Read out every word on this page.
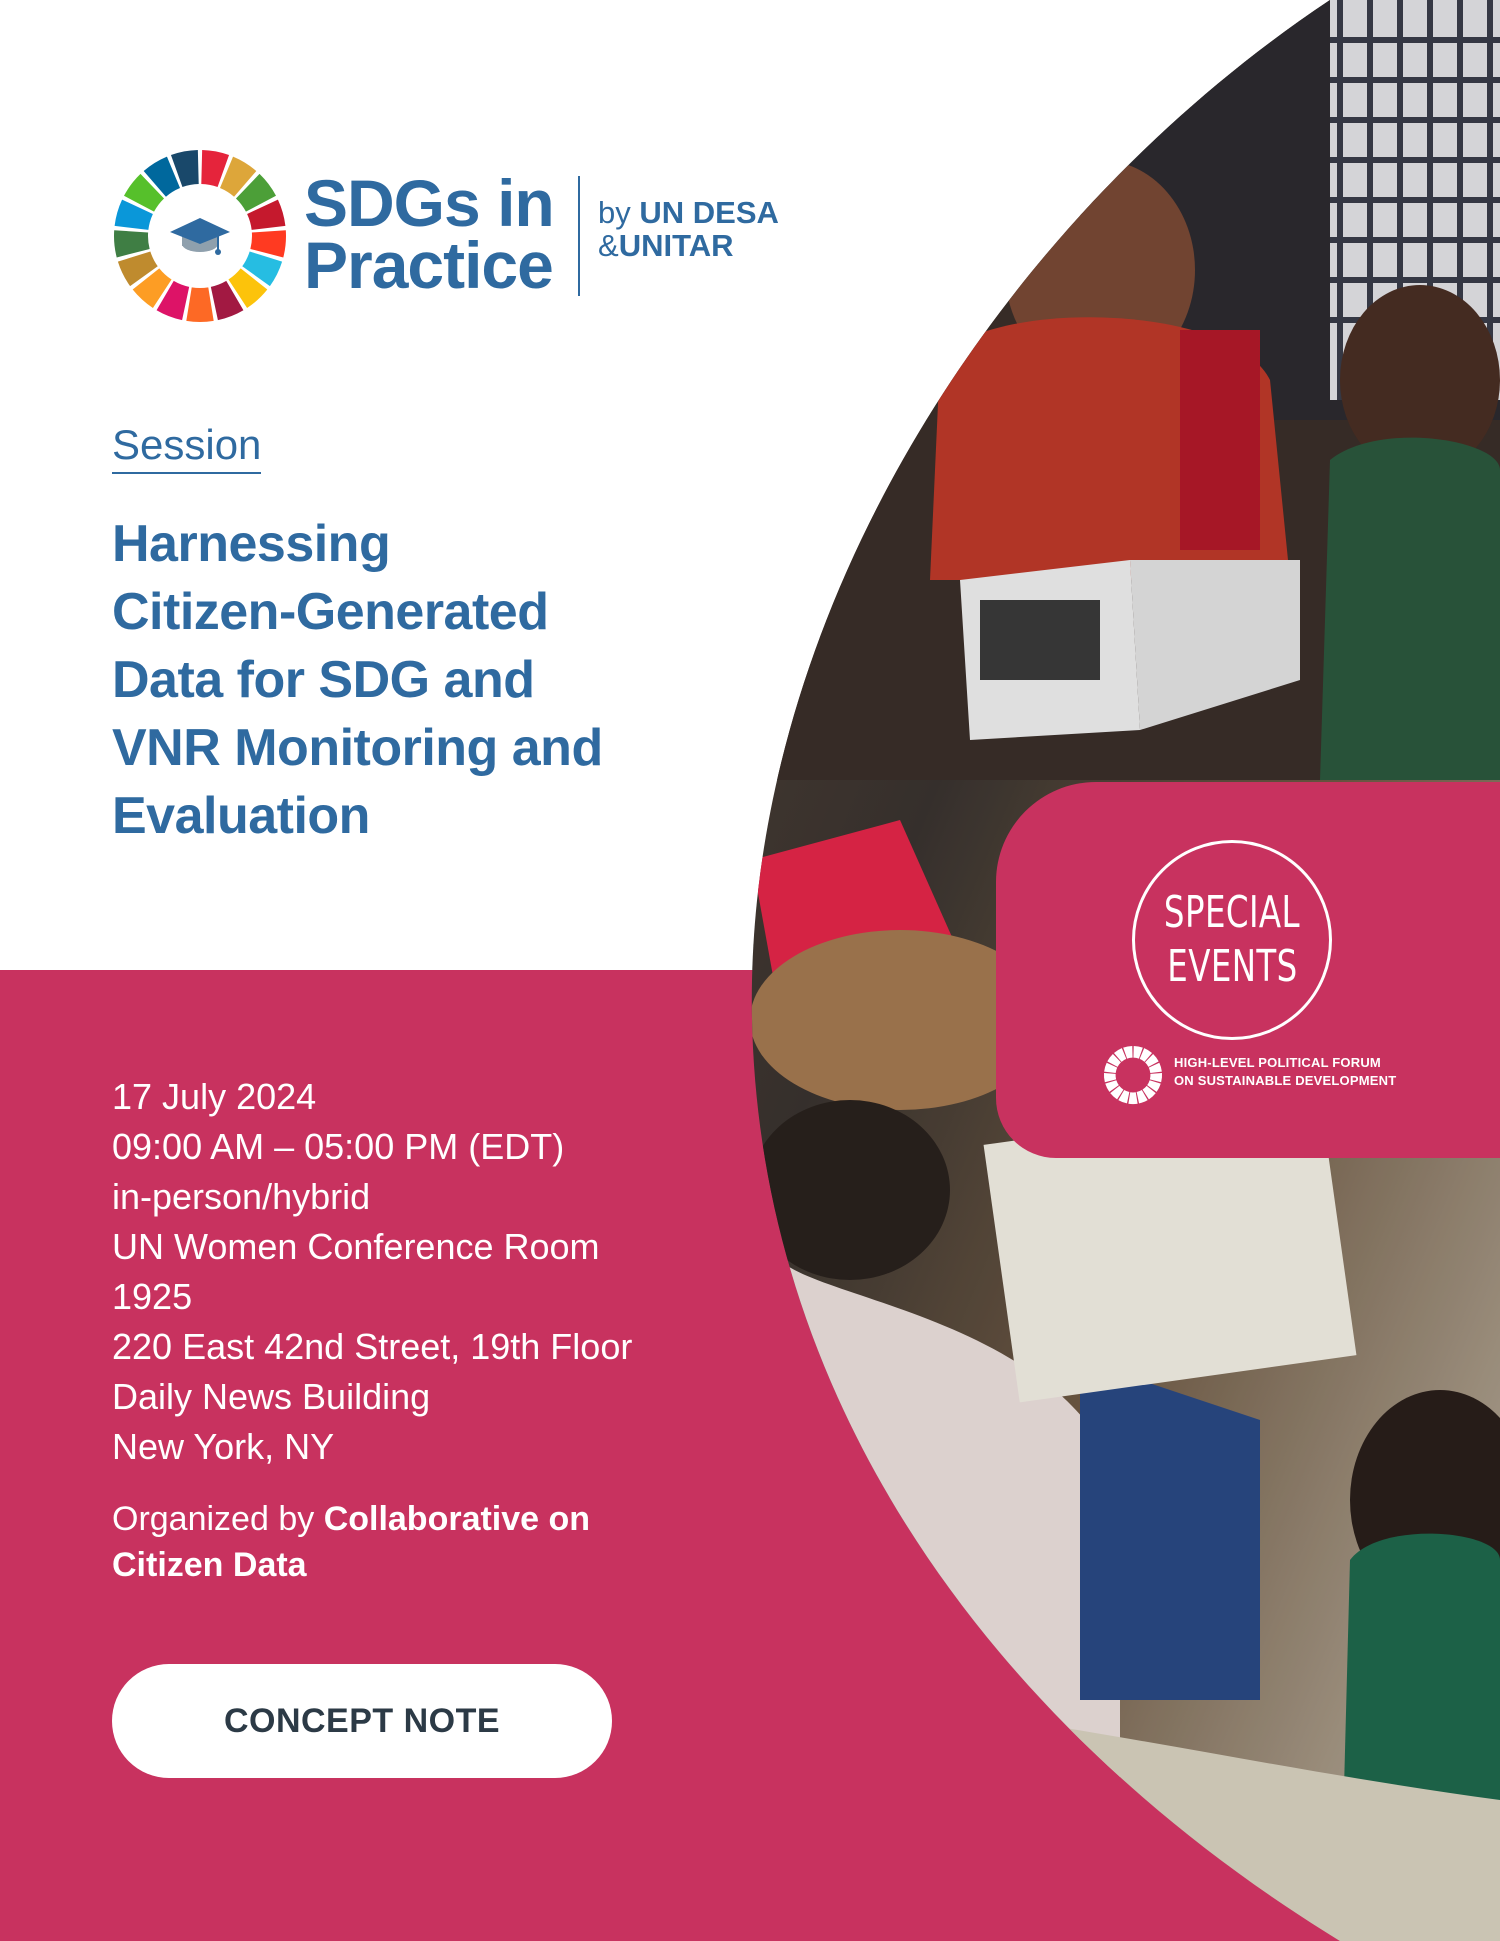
SDGs in
Practice
by UN DESA
&UNITAR
Session
Harnessing
Citizen-Generated
Data for SDG and
VNR Monitoring and
Evaluation
17 July 2024
09:00 AM – 05:00 PM (EDT)
in-person/hybrid
UN Women Conference Room
1925
220 East 42nd Street, 19th Floor
Daily News Building
New York, NY
Organized by Collaborative on
Citizen Data
CONCEPT NOTE
SPECIAL
EVENTS
HIGH-LEVEL POLITICAL FORUM
ON SUSTAINABLE DEVELOPMENT
